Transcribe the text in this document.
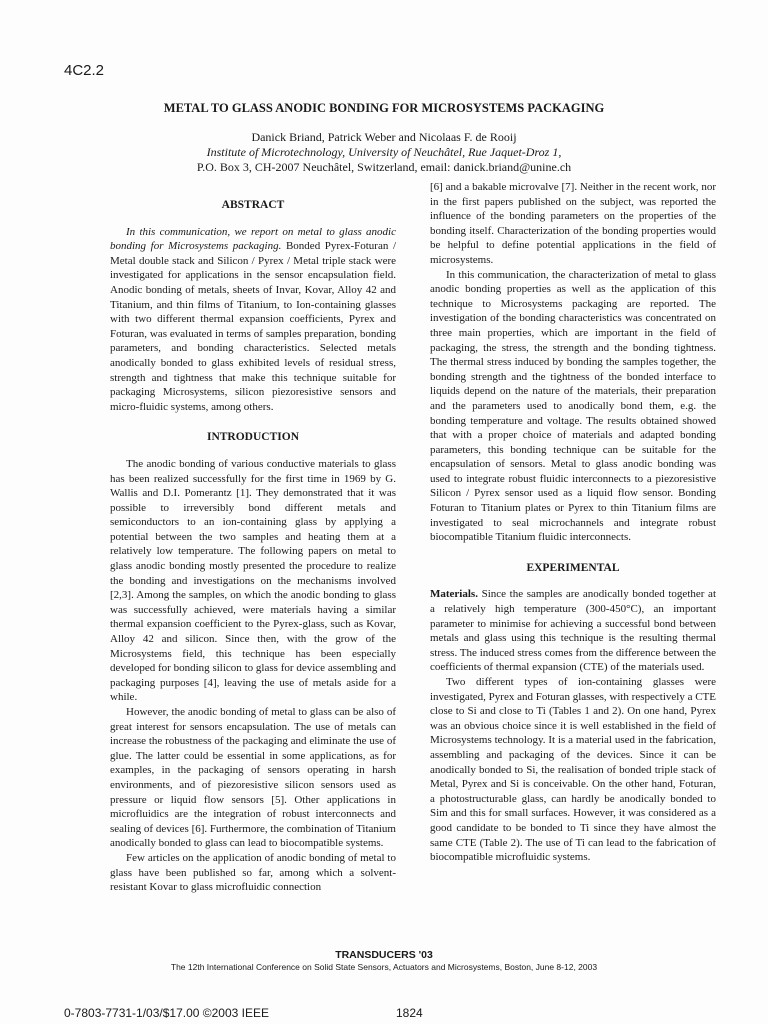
4C2.2
METAL TO GLASS ANODIC BONDING FOR MICROSYSTEMS PACKAGING
Danick Briand, Patrick Weber and Nicolaas F. de Rooij
Institute of Microtechnology, University of Neuchâtel, Rue Jaquet-Droz 1,
P.O. Box 3, CH-2007 Neuchâtel, Switzerland, email: danick.briand@unine.ch
ABSTRACT

In this communication, we report on metal to glass anodic bonding for Microsystems packaging. Bonded Pyrex-Foturan / Metal double stack and Silicon / Pyrex / Metal triple stack were investigated for applications in the sensor encapsulation field. Anodic bonding of metals, sheets of Invar, Kovar, Alloy 42 and Titanium, and thin films of Titanium, to Ion-containing glasses with two different thermal expansion coefficients, Pyrex and Foturan, was evaluated in terms of samples preparation, bonding parameters, and bonding characteristics. Selected metals anodically bonded to glass exhibited levels of residual stress, strength and tightness that make this technique suitable for packaging Microsystems, silicon piezoresistive sensors and micro-fluidic systems, among others.

INTRODUCTION

The anodic bonding of various conductive materials to glass has been realized successfully for the first time in 1969 by G. Wallis and D.I. Pomerantz [1]. They demonstrated that it was possible to irreversibly bond different metals and semiconductors to an ion-containing glass by applying a potential between the two samples and heating them at a relatively low temperature. The following papers on metal to glass anodic bonding mostly presented the procedure to realize the bonding and investigations on the mechanisms involved [2,3]. Among the samples, on which the anodic bonding to glass was successfully achieved, were materials having a similar thermal expansion coefficient to the Pyrex-glass, such as Kovar, Alloy 42 and silicon. Since then, with the grow of the Microsystems field, this technique has been especially developed for bonding silicon to glass for device assembling and packaging purposes [4], leaving the use of metals aside for a while.

However, the anodic bonding of metal to glass can be also of great interest for sensors encapsulation. The use of metals can increase the robustness of the packaging and eliminate the use of glue. The latter could be essential in some applications, as for examples, in the packaging of sensors operating in harsh environments, and of piezoresistive silicon sensors used as pressure or liquid flow sensors [5]. Other applications in microfluidics are the integration of robust interconnects and sealing of devices [6]. Furthermore, the combination of Titanium anodically bonded to glass can lead to biocompatible systems.

Few articles on the application of anodic bonding of metal to glass have been published so far, among which a solvent-resistant Kovar to glass microfluidic connection

[6] and a bakable microvalve [7]. Neither in the recent work, nor in the first papers published on the subject, was reported the influence of the bonding parameters on the properties of the bonding itself. Characterization of the bonding properties would be helpful to define potential applications in the field of microsystems.

In this communication, the characterization of metal to glass anodic bonding properties as well as the application of this technique to Microsystems packaging are reported. The investigation of the bonding characteristics was concentrated on three main properties, which are important in the field of packaging, the stress, the strength and the bonding tightness. The thermal stress induced by bonding the samples together, the bonding strength and the tightness of the bonded interface to liquids depend on the nature of the materials, their preparation and the parameters used to anodically bond them, e.g. the bonding temperature and voltage. The results obtained showed that with a proper choice of materials and adapted bonding parameters, this bonding technique can be suitable for the encapsulation of sensors. Metal to glass anodic bonding was used to integrate robust fluidic interconnects to a piezoresistive Silicon / Pyrex sensor used as a liquid flow sensor. Bonding Foturan to Titanium plates or Pyrex to thin Titanium films are investigated to seal microchannels and integrate robust biocompatible Titanium fluidic interconnects.

EXPERIMENTAL

Materials. Since the samples are anodically bonded together at a relatively high temperature (300-450°C), an important parameter to minimise for achieving a successful bond between metals and glass using this technique is the resulting thermal stress. The induced stress comes from the difference between the coefficients of thermal expansion (CTE) of the materials used.

Two different types of ion-containing glasses were investigated, Pyrex and Foturan glasses, with respectively a CTE close to Si and close to Ti (Tables 1 and 2). On one hand, Pyrex was an obvious choice since it is well established in the field of Microsystems technology. It is a material used in the fabrication, assembling and packaging of the devices. Since it can be anodically bonded to Si, the realisation of bonded triple stack of Metal, Pyrex and Si is conceivable. On the other hand, Foturan, a photostructurable glass, can hardly be anodically bonded to Sim and this for small surfaces. However, it was considered as a good candidate to be bonded to Ti since they have almost the same CTE (Table 2). The use of Ti can lead to the fabrication of biocompatible microfluidic systems.

TRANSDUCERS '03
The 12th International Conference on Solid State Sensors, Actuators and Microsystems, Boston, June 8-12, 2003
0-7803-7731-1/03/$17.00 ©2003 IEEE	1824
